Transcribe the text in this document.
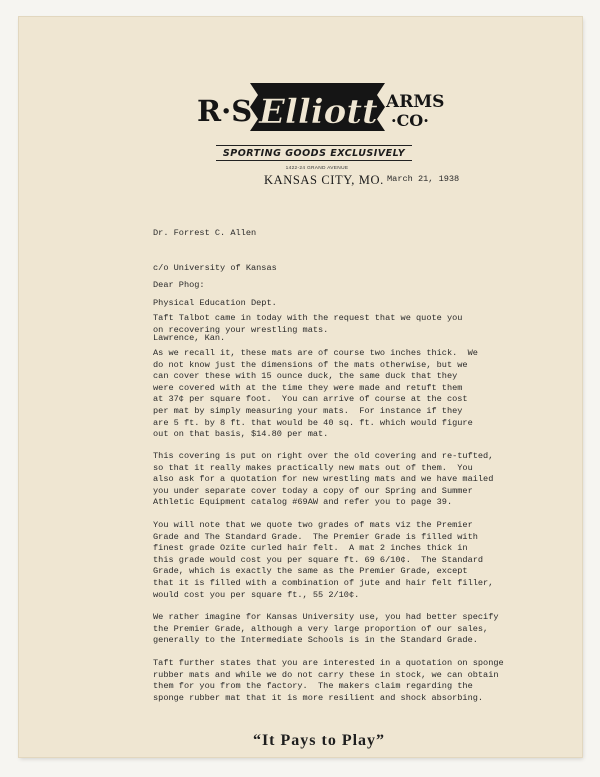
R·S·
Elliott ARMS
·CO·
SPORTING GOODS EXCLUSIVELY
1422-24 GRAND AVENUE
KANSAS CITY, MO. March 21, 1938

Dr. Forrest C. Allen

c/o University of Kansas

Physical Education Dept.

Lawrence, Kan.

Dear Phog:
Taft Talbot came in today with the request that we quote you
on recovering your wrestling mats.
As we recall it, these mats are of course two inches thick.  We
do not know just the dimensions of the mats otherwise, but we
can cover these with 15 ounce duck, the same duck that they
were covered with at the time they were made and retuft them
at 37¢ per square foot.  You can arrive of course at the cost
per mat by simply measuring your mats.  For instance if they
are 5 ft. by 8 ft. that would be 40 sq. ft. which would figure
out on that basis, $14.80 per mat.
This covering is put on right over the old covering and re-tufted,
so that it really makes practically new mats out of them.  You
also ask for a quotation for new wrestling mats and we have mailed
you under separate cover today a copy of our Spring and Summer
Athletic Equipment catalog #69AW and refer you to page 39.
You will note that we quote two grades of mats viz the Premier
Grade and The Standard Grade.  The Premier Grade is filled with
finest grade Ozite curled hair felt.  A mat 2 inches thick in
this grade would cost you per square ft. 69 6/10¢.  The Standard
Grade, which is exactly the same as the Premier Grade, except
that it is filled with a combination of jute and hair felt filler,
would cost you per square ft., 55 2/10¢.
We rather imagine for Kansas University use, you had better specify
the Premier Grade, although a very large proportion of our sales,
generally to the Intermediate Schools is in the Standard Grade.
Taft further states that you are interested in a quotation on sponge
rubber mats and while we do not carry these in stock, we can obtain
them for you from the factory.  The makers claim regarding the
sponge rubber mat that it is more resilient and shock absorbing.
“It Pays to Play”
